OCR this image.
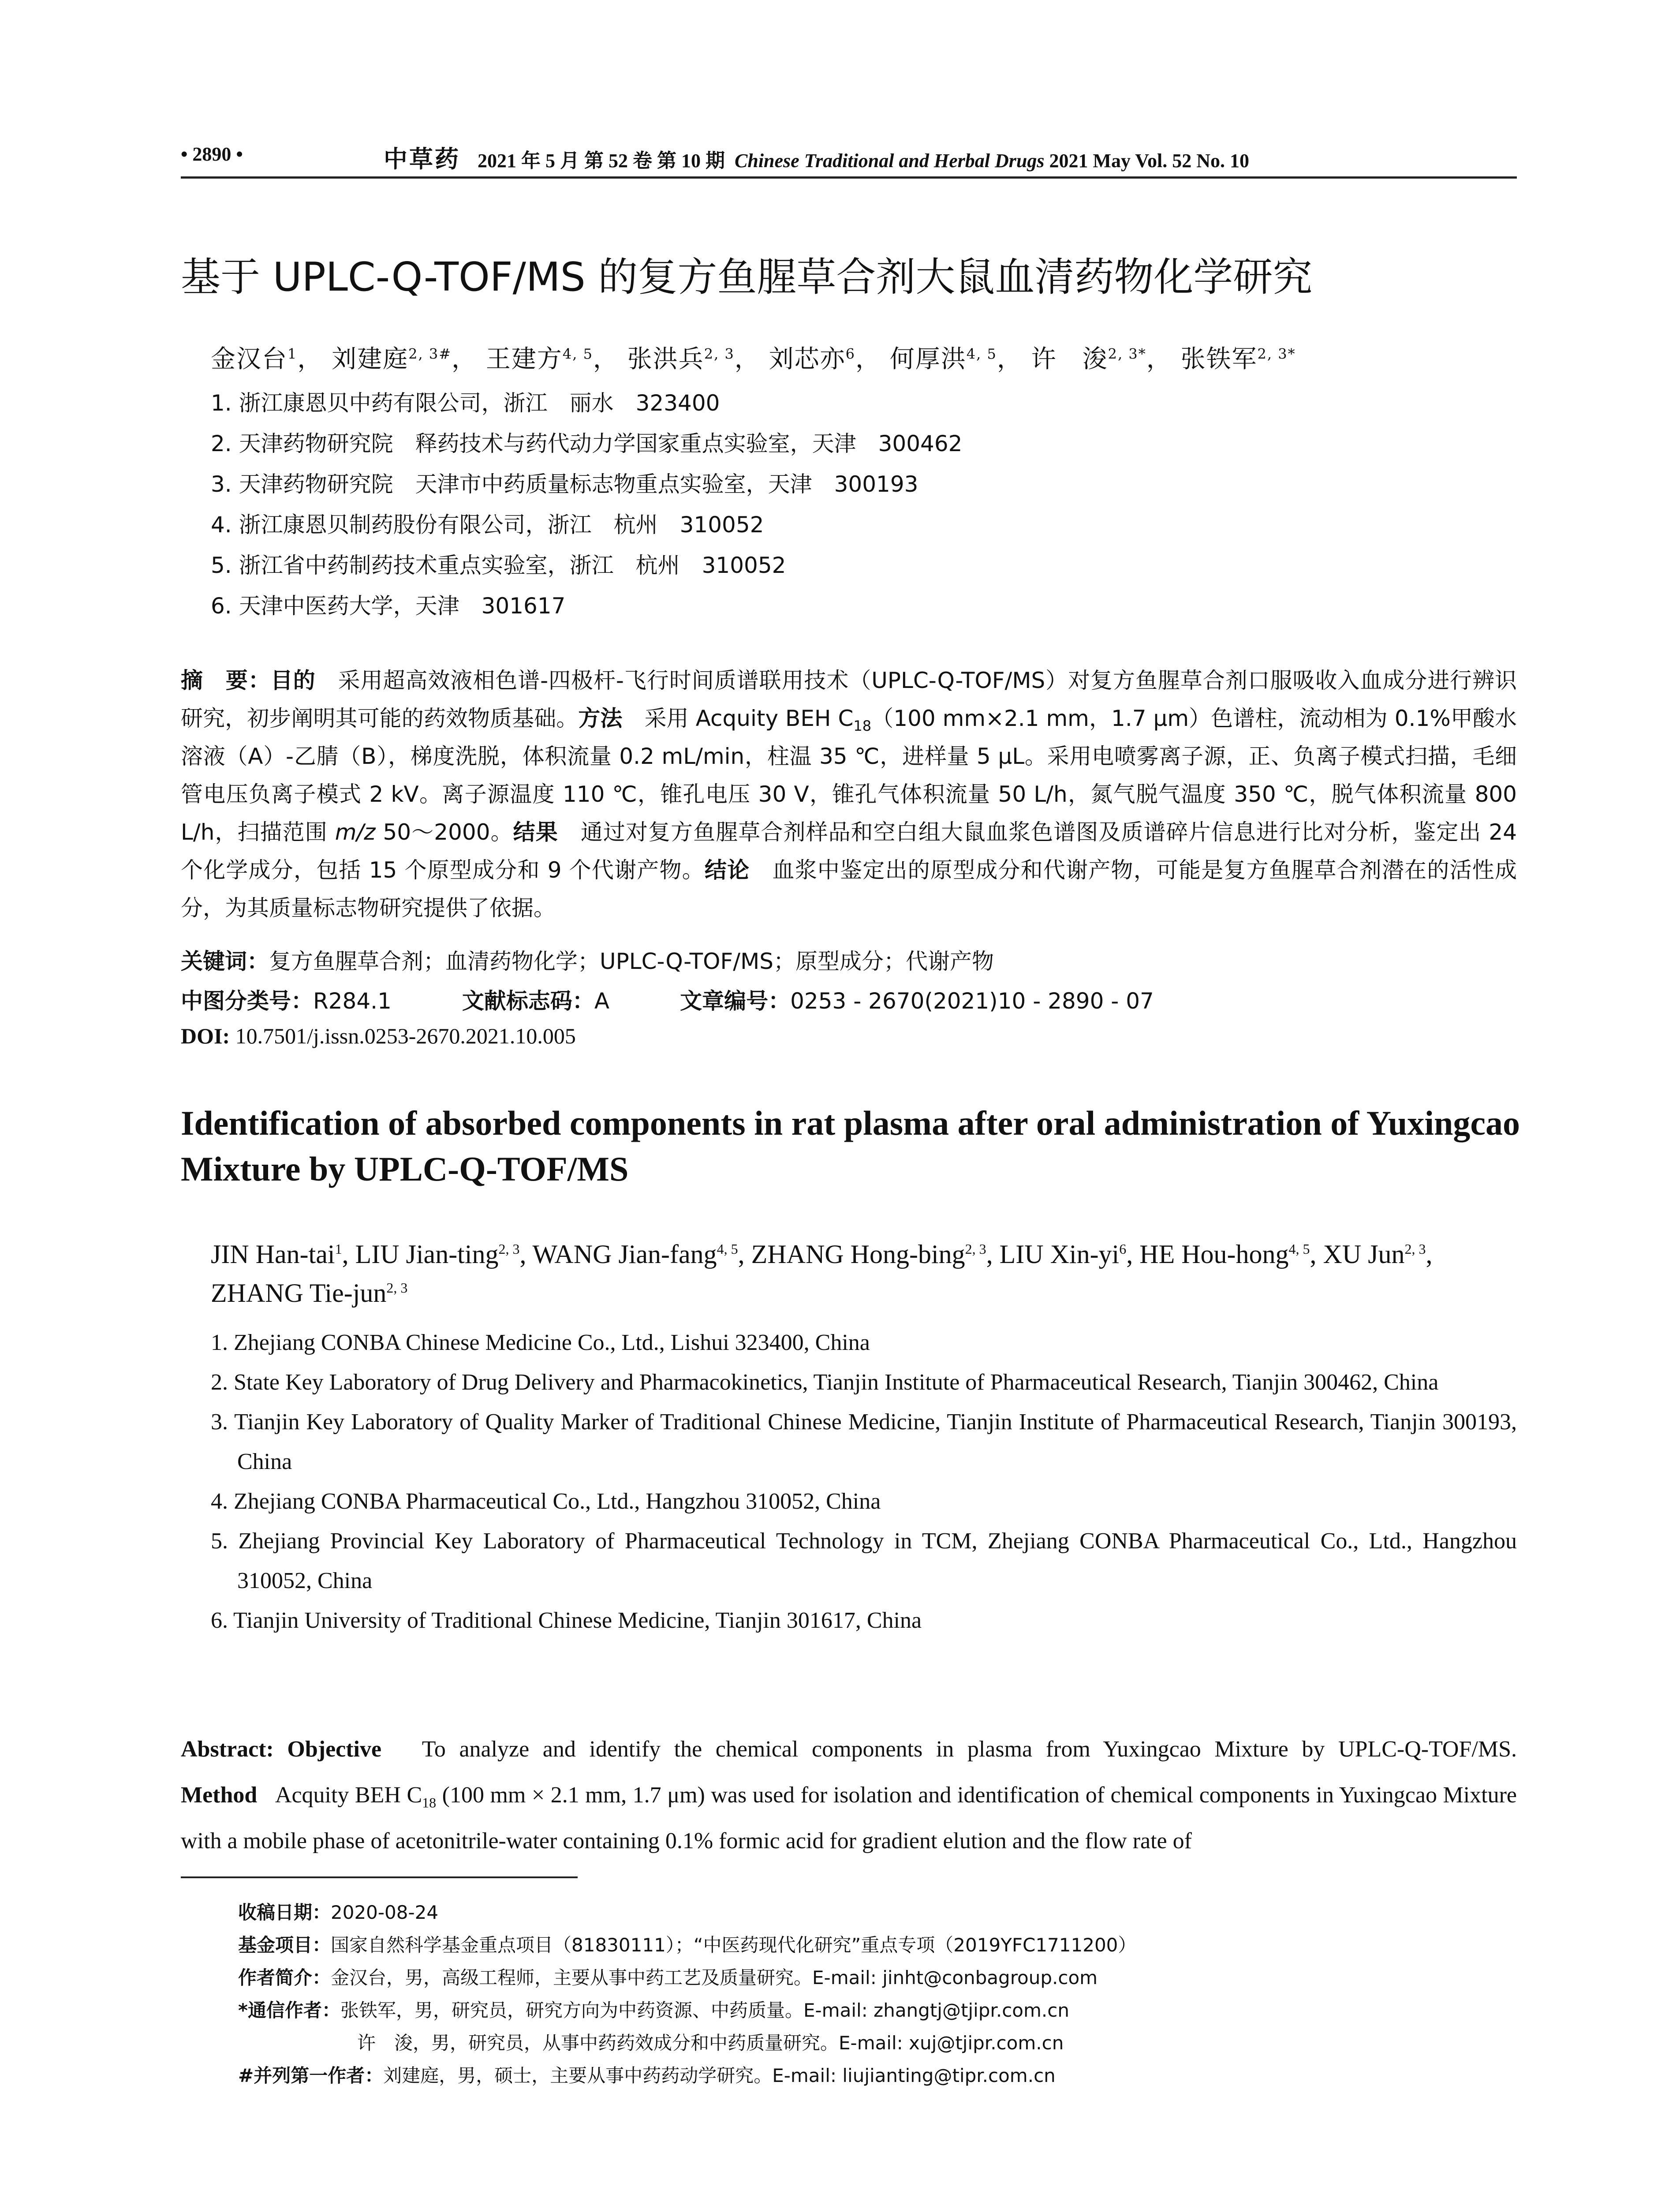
• 2890 •	中草药 2021 年 5 月 第 52 卷 第 10 期 Chinese Traditional and Herbal Drugs 2021 May Vol. 52 No. 10
基于 UPLC-Q-TOF/MS 的复方鱼腥草合剂大鼠血清药物化学研究
金汉台$^1$， 刘建庭$^{2, 3\#}$， 王建方$^{4, 5}$， 张洪兵$^{2, 3}$， 刘芯亦$^6$， 何厚洪$^{4, 5}$， 许　浚$^{2, 3*}$， 张铁军$^{2, 3*}$
1. 浙江康恩贝中药有限公司，浙江　丽水　323400
2. 天津药物研究院　释药技术与药代动力学国家重点实验室，天津　300462
3. 天津药物研究院　天津市中药质量标志物重点实验室，天津　300193
4. 浙江康恩贝制药股份有限公司，浙江　杭州　310052
5. 浙江省中药制药技术重点实验室，浙江　杭州　310052
6. 天津中医药大学，天津　301617
摘　要：目的　 采用超高效液相色谱-四极杆-飞行时间质谱联用技术（UPLC-Q-TOF/MS）对复方鱼腥草合剂口服吸收入血成分进行辨识研究，初步阐明其可能的药效物质基础。方法　 采用 Acquity BEH $C_{18}(100$ mm×2.1 mm，1.7 μm）色谱柱，流动相为 0.1%甲酸水溶液（A）-乙腈（B），梯度洗脱，体积流量 0.2 mL/min，柱温 35 ℃，进样量 5 μL。采用电喷雾离子源，正、负离子模式扫描，毛细管电压负离子模式 2 kV。离子源温度 110 ℃，锥孔电压 30 V，锥孔气体积流量 50 L/h，氮气脱气温度 350 ℃，脱气体积流量 800 L/h，扫描范围 m/z 50～2000。结果　 通过对复方鱼腥草合剂样品和空白组大鼠血浆色谱图及质谱碎片信息进行比对分析，鉴定出 24 个化学成分，包括 15 个原型成分和 9 个代谢产物。结论　 血浆中鉴定出的原型成分和代谢产物，可能是复方鱼腥草合剂潜在的活性成分，为其质量标志物研究提供了依据。
关键词：复方鱼腥草合剂；血清药物化学；UPLC-Q-TOF/MS；原型成分；代谢产物
中图分类号：R284.1	文献标志码：A	文章编号：0253 - 2670(2021)10 - 2890 - 07
DOI: 10.7501/j.issn.0253-2670.2021.10.005
Identification of absorbed components in rat plasma after oral administration of Yuxingcao Mixture by UPLC-Q-TOF/MS
JIN Han-tai$^1$, LIU Jian-ting$^{2, 3}$, WANG Jian-fang$^{4, 5}$, ZHANG Hong-bing$^{2, 3}$, LIU Xin-$yi^6$, HE Hou-hong$^{4, 5}$, XU Jun$^{2, 3}$, ZHANG Tie-jun$^{2, 3}$
1. Zhejiang CONBA Chinese Medicine Co., Ltd., Lishui 323400, China
2. State Key Laboratory of Drug Delivery and Pharmacokinetics, Tianjin Institute of Pharmaceutical Research, Tianjin 300462, China
3. Tianjin Key Laboratory of Quality Marker of Traditional Chinese Medicine, Tianjin Institute of Pharmaceutical Research, Tianjin 300193, China
4. Zhejiang CONBA Pharmaceutical Co., Ltd., Hangzhou 310052, China
5. Zhejiang Provincial Key Laboratory of Pharmaceutical Technology in TCM, Zhejiang CONBA Pharmaceutical Co., Ltd., Hangzhou 310052, China
6. Tianjin University of Traditional Chinese Medicine, Tianjin 301617, China
Abstract: Objective To analyze and identify the chemical components in plasma from Yuxingcao Mixture by UPLC-Q-TOF/MS. Method Acquity BEH $C_{18}$ (100 mm × 2.1 mm, 1.7 μm) was used for isolation and identification of chemical components in Yuxingcao Mixture with a mobile phase of acetonitrile-water containing 0.1% formic acid for gradient elution and the flow rate of
收稿日期：2020-08-24
基金项目：国家自然科学基金重点项目（81830111）；“中医药现代化研究”重点专项（2019YFC1711200）
作者简介：金汉台，男，高级工程师，主要从事中药工艺及质量研究。E-mail: jinht@conbagroup.com
*通信作者：张铁军，男，研究员，研究方向为中药资源、中药质量。E-mail: zhangtj@tjipr.com.cn
许　浚，男，研究员，从事中药药效成分和中药质量研究。E-mail: xuj@tjipr.com.cn
#并列第一作者：刘建庭，男，硕士，主要从事中药药动学研究。E-mail: liujianting@tipr.com.cn
